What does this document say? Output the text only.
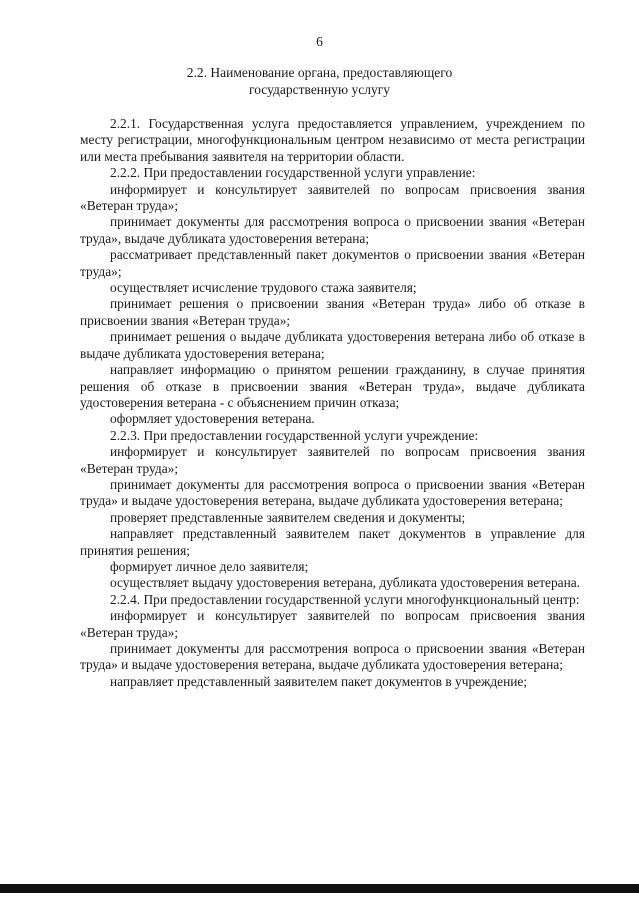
6
2.2. Наименование органа, предоставляющего
государственную услугу

2.2.1. Государственная услуга предоставляется управлением, учреждением по месту регистрации, многофункциональным центром независимо от места регистрации или места пребывания заявителя на территории области.

2.2.2. При предоставлении государственной услуги управление:

информирует и консультирует заявителей по вопросам присвоения звания «Ветеран труда»;

принимает документы для рассмотрения вопроса о присвоении звания «Ветеран труда», выдаче дубликата удостоверения ветерана;

рассматривает представленный пакет документов о присвоении звания «Ветеран труда»;

осуществляет исчисление трудового стажа заявителя;

принимает решения о присвоении звания «Ветеран труда» либо об отказе в присвоении звания «Ветеран труда»;

принимает решения о выдаче дубликата удостоверения ветерана либо об отказе в выдаче дубликата удостоверения ветерана;

направляет информацию о принятом решении гражданину, в случае принятия решения об отказе в присвоении звания «Ветеран труда», выдаче дубликата удостоверения ветерана - с объяснением причин отказа;

оформляет удостоверения ветерана.

2.2.3. При предоставлении государственной услуги учреждение:

информирует и консультирует заявителей по вопросам присвоения звания «Ветеран труда»;

принимает документы для рассмотрения вопроса о присвоении звания «Ветеран труда» и выдаче удостоверения ветерана, выдаче дубликата удостоверения ветерана;

проверяет представленные заявителем сведения и документы;

направляет представленный заявителем пакет документов в управление для принятия решения;

формирует личное дело заявителя;

осуществляет выдачу удостоверения ветерана, дубликата удостоверения ветерана.

2.2.4. При предоставлении государственной услуги многофункциональный центр:

информирует и консультирует заявителей по вопросам присвоения звания «Ветеран труда»;

принимает документы для рассмотрения вопроса о присвоении звания «Ветеран труда» и выдаче удостоверения ветерана, выдаче дубликата удостоверения ветерана;

направляет представленный заявителем пакет документов в учреждение;
